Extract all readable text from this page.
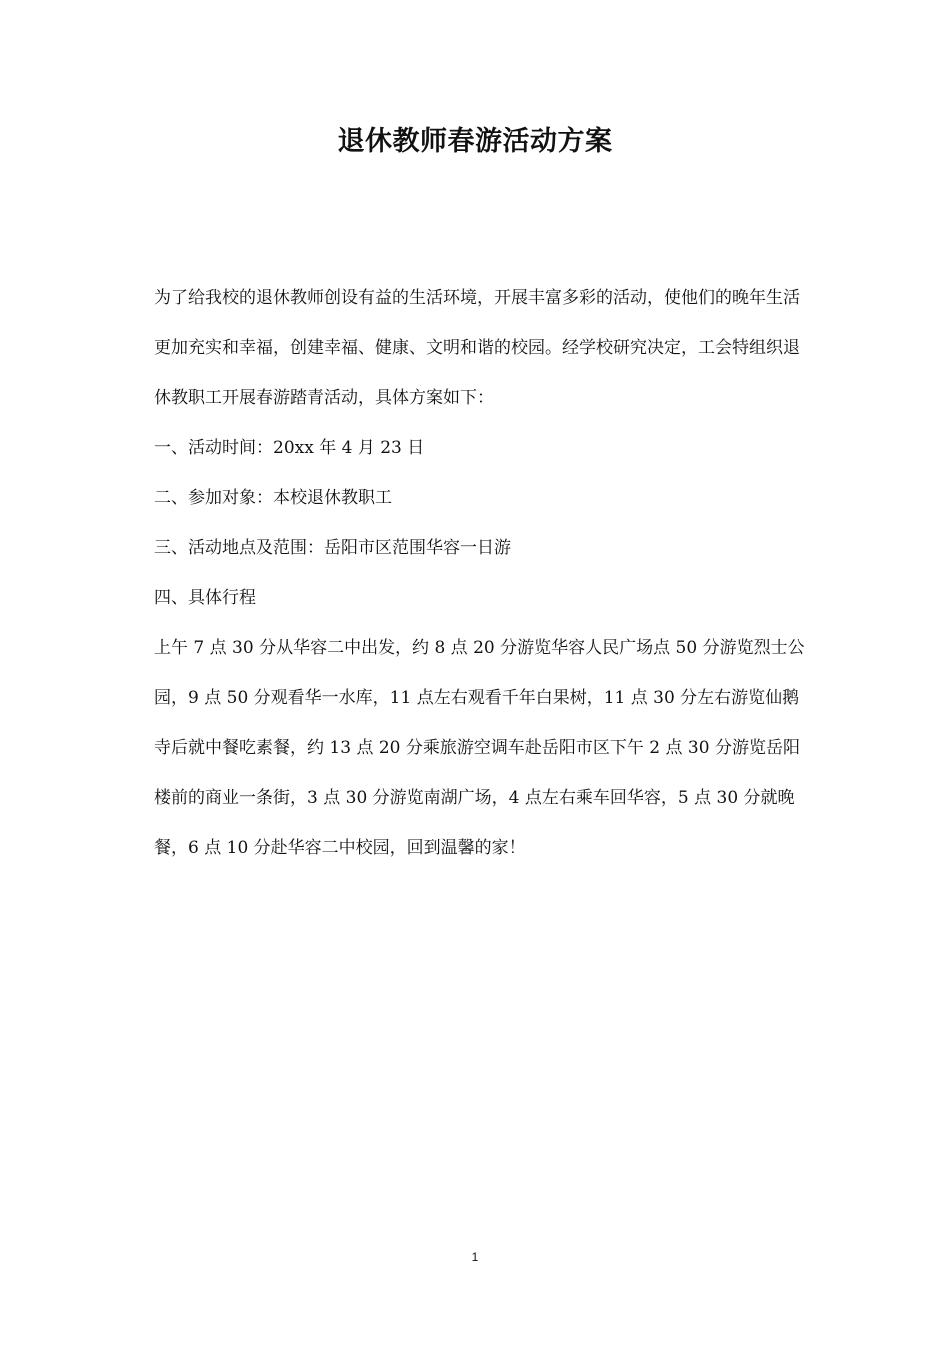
退休教师春游活动方案

为了给我校的退休教师创设有益的生活环境，开展丰富多彩的活动，使他们的晚年生活更加充实和幸福，创建幸福、健康、文明和谐的校园。经学校研究决定，工会特组织退休教职工开展春游踏青活动，具体方案如下：

一、活动时间：20xx 年 4 月 23 日

二、参加对象：本校退休教职工

三、活动地点及范围：岳阳市区范围华容一日游

四、具体行程

上午 7 点 30 分从华容二中出发，约 8 点 20 分游览华容人民广场点 50 分游览烈士公园，9 点 50 分观看华一水库，11 点左右观看千年白果树，11 点 30 分左右游览仙鹅寺后就中餐吃素餐，约 13 点 20 分乘旅游空调车赴岳阳市区下午 2 点 30 分游览岳阳楼前的商业一条街，3 点 30 分游览南湖广场，4 点左右乘车回华容，5 点 30 分就晚餐，6 点 10 分赴华容二中校园，回到温馨的家！

1
